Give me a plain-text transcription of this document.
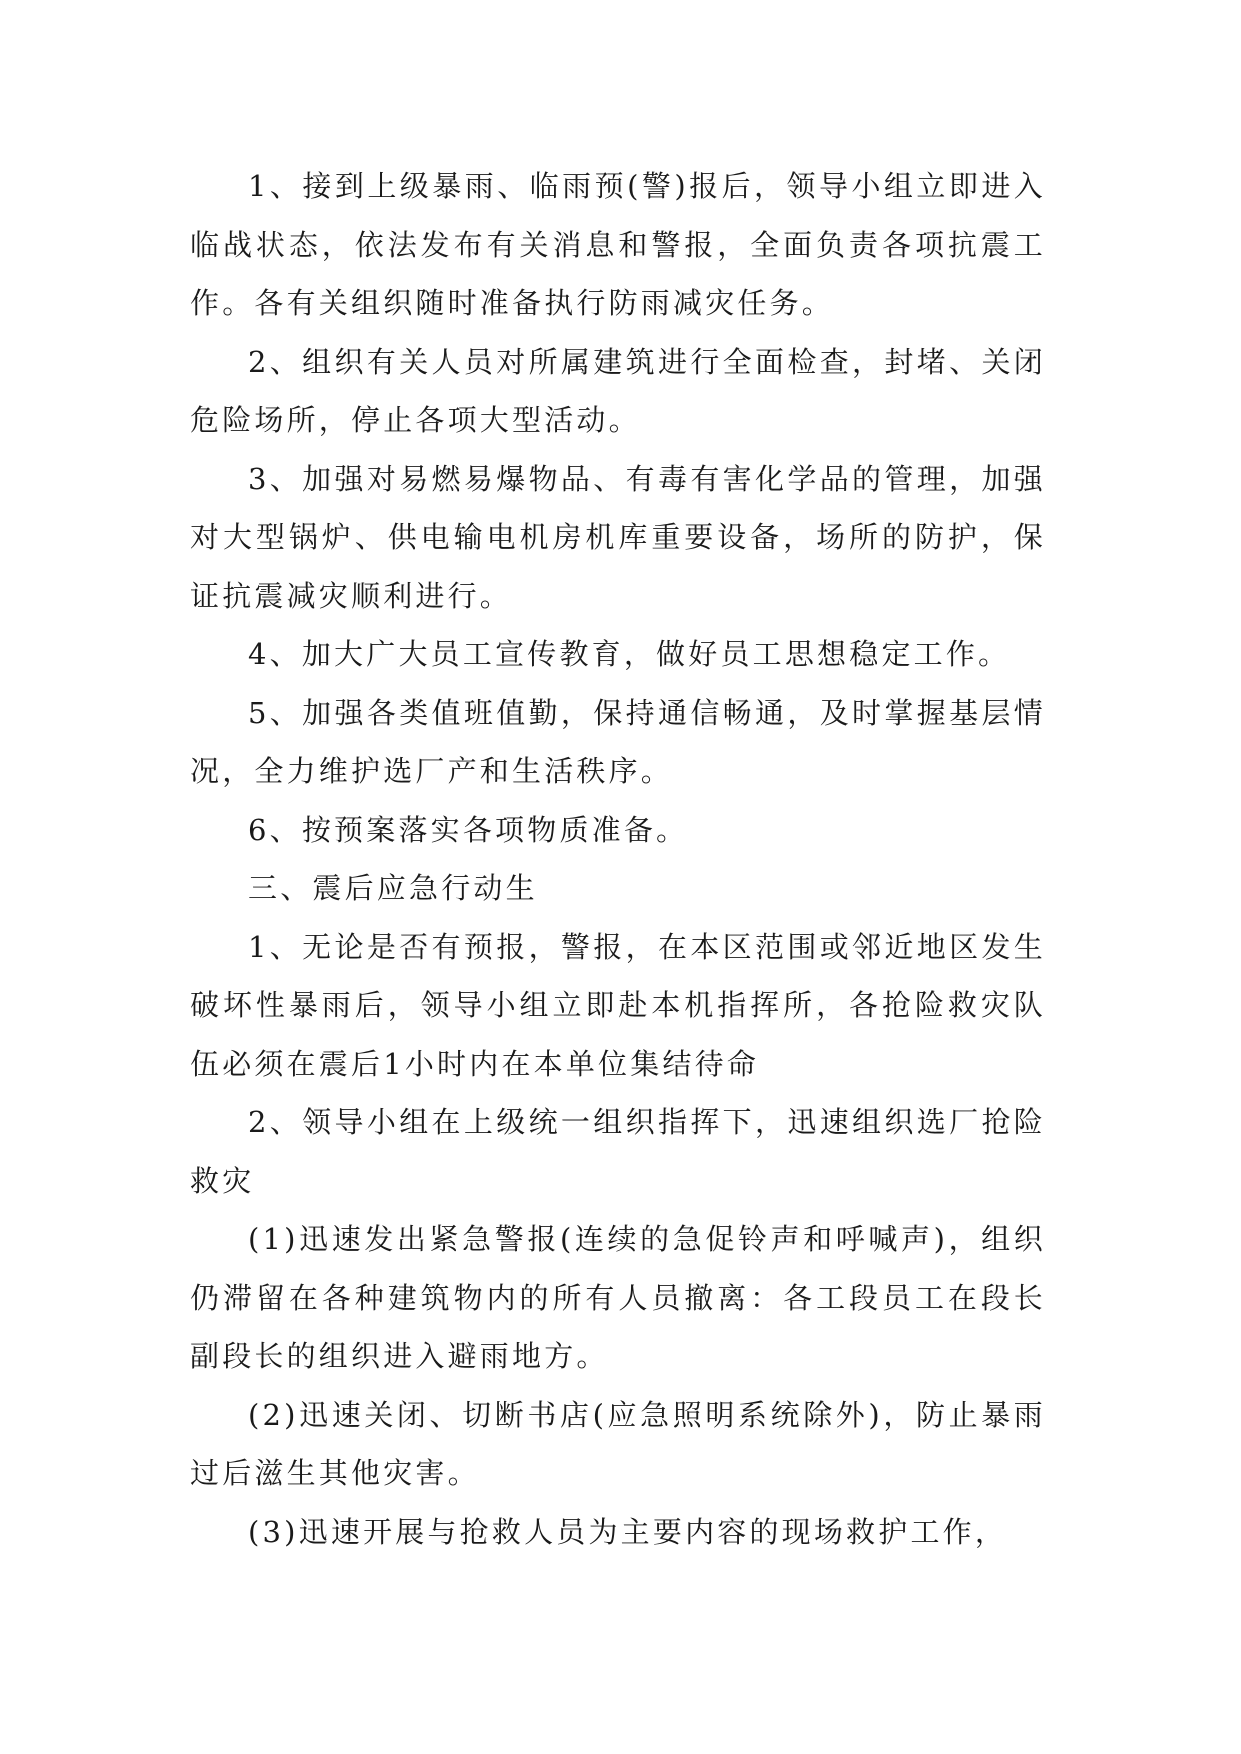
1、接到上级暴雨、临雨预(警)报后，领导小组立即进入临战状态，依法发布有关消息和警报，全面负责各项抗震工作。各有关组织随时准备执行防雨减灾任务。

2、组织有关人员对所属建筑进行全面检查，封堵、关闭危险场所，停止各项大型活动。

3、加强对易燃易爆物品、有毒有害化学品的管理，加强对大型锅炉、供电输电机房机库重要设备，场所的防护，保证抗震减灾顺利进行。

4、加大广大员工宣传教育，做好员工思想稳定工作。

5、加强各类值班值勤，保持通信畅通，及时掌握基层情况，全力维护选厂产和生活秩序。

6、按预案落实各项物质准备。

三、震后应急行动生

1、无论是否有预报，警报，在本区范围或邻近地区发生破坏性暴雨后，领导小组立即赴本机指挥所，各抢险救灾队伍必须在震后1小时内在本单位集结待命

2、领导小组在上级统一组织指挥下，迅速组织选厂抢险救灾

(1)迅速发出紧急警报(连续的急促铃声和呼喊声)，组织仍滞留在各种建筑物内的所有人员撤离：各工段员工在段长副段长的组织进入避雨地方。

(2)迅速关闭、切断书店(应急照明系统除外)，防止暴雨过后滋生其他灾害。

(3)迅速开展与抢救人员为主要内容的现场救护工作，
